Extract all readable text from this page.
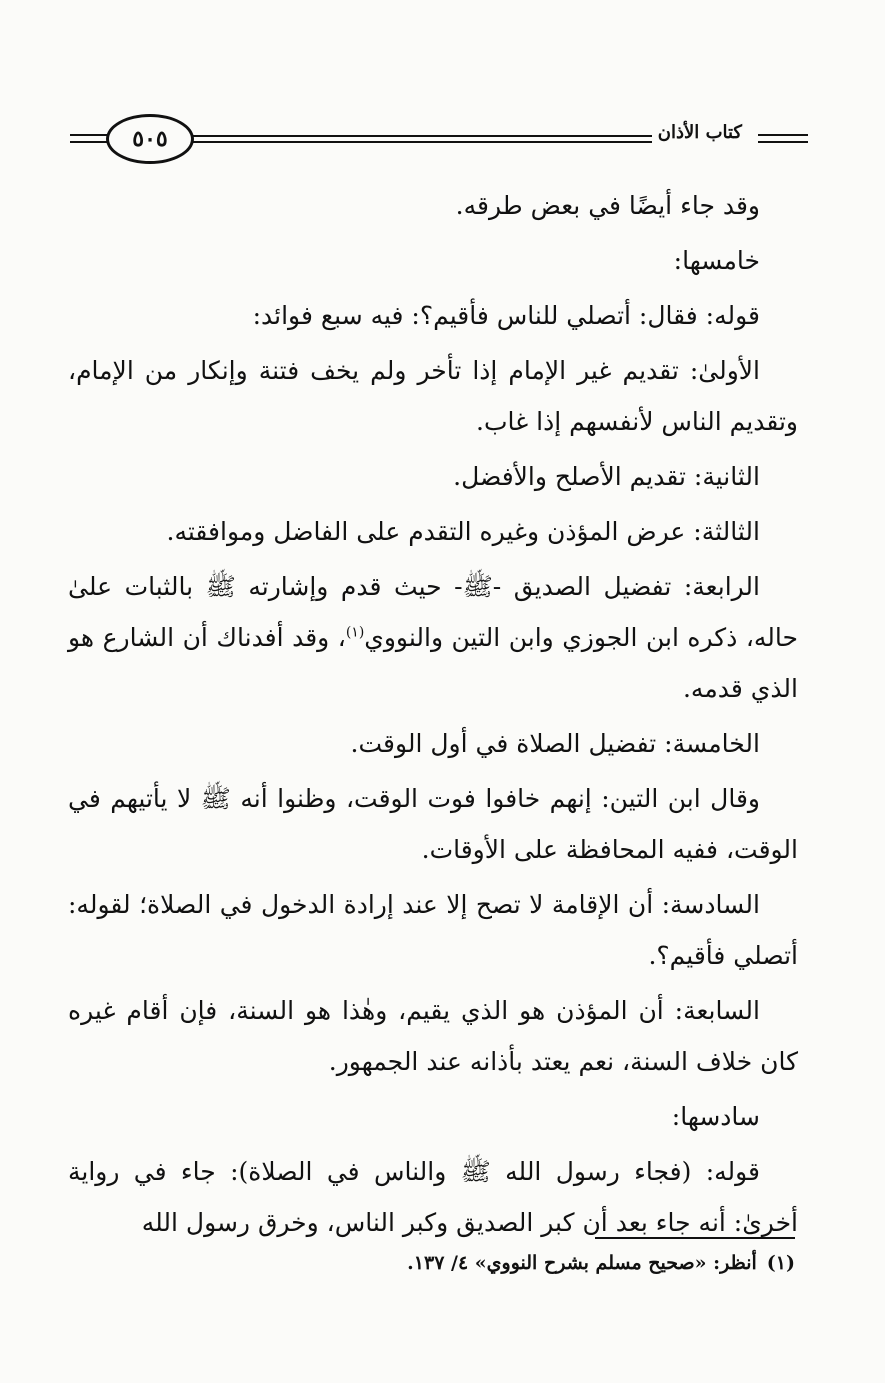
٥٠٥	كتاب الأذان

وقد جاء أيضًا في بعض طرقه.

خامسها:

قوله: فقال: أتصلي للناس فأقيم؟: فيه سبع فوائد:

الأولىٰ: تقديم غير الإمام إذا تأخر ولم يخف فتنة وإنكار من الإمام، وتقديم الناس لأنفسهم إذا غاب.

الثانية: تقديم الأصلح والأفضل.

الثالثة: عرض المؤذن وغيره التقدم على الفاضل وموافقته.

الرابعة: تفضيل الصديق -ﷺ- حيث قدم وإشارته ﷺ بالثبات علىٰ حاله، ذكره ابن الجوزي وابن التين والنووي$^{(١)}$، وقد أفدناك أن الشارع هو الذي قدمه.

الخامسة: تفضيل الصلاة في أول الوقت.

وقال ابن التين: إنهم خافوا فوت الوقت، وظنوا أنه ﷺ لا يأتيهم في الوقت، ففيه المحافظة على الأوقات.

السادسة: أن الإقامة لا تصح إلا عند إرادة الدخول في الصلاة؛ لقوله: أتصلي فأقيم؟.

السابعة: أن المؤذن هو الذي يقيم، وهٰذا هو السنة، فإن أقام غيره كان خلاف السنة، نعم يعتد بأذانه عند الجمهور.

سادسها:

قوله: (فجاء رسول الله ﷺ والناس في الصلاة): جاء في رواية أخرىٰ: أنه جاء بعد أن كبر الصديق وكبر الناس، وخرق رسول الله

(١)أنظر: «صحيح مسلم بشرح النووي» ٤/ ١٣٧.
